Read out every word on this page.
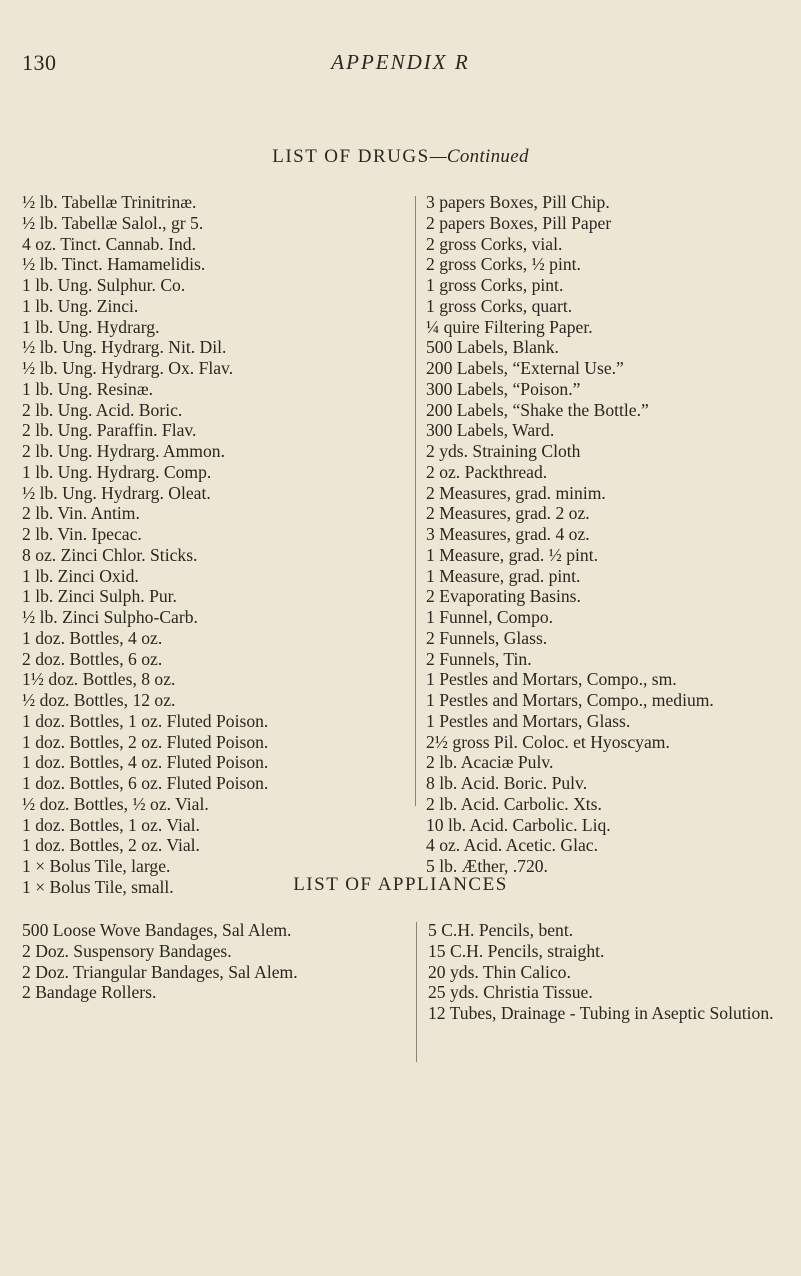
130	APPENDIX R
LIST OF DRUGS—Continued
½ lb. Tabellæ Trinitrinæ.
½ lb. Tabellæ Salol., gr 5.
4 oz. Tinct. Cannab. Ind.
½ lb. Tinct. Hamamelidis.
1 lb. Ung. Sulphur. Co.
1 lb. Ung. Zinci.
1 lb. Ung. Hydrarg.
½ lb. Ung. Hydrarg. Nit. Dil.
½ lb. Ung. Hydrarg. Ox. Flav.
1 lb. Ung. Resinæ.
2 lb. Ung. Acid. Boric.
2 lb. Ung. Paraffin. Flav.
2 lb. Ung. Hydrarg. Ammon.
1 lb. Ung. Hydrarg. Comp.
½ lb. Ung. Hydrarg. Oleat.
2 lb. Vin. Antim.
2 lb. Vin. Ipecac.
8 oz. Zinci Chlor. Sticks.
1 lb. Zinci Oxid.
1 lb. Zinci Sulph. Pur.
½ lb. Zinci Sulpho-Carb.
1 doz. Bottles, 4 oz.
2 doz. Bottles, 6 oz.
1½ doz. Bottles, 8 oz.
½ doz. Bottles, 12 oz.
1 doz. Bottles, 1 oz. Fluted Poison.
1 doz. Bottles, 2 oz. Fluted Poison.
1 doz. Bottles, 4 oz. Fluted Poison.
1 doz. Bottles, 6 oz. Fluted Poison.
½ doz. Bottles, ½ oz. Vial.
1 doz. Bottles, 1 oz. Vial.
1 doz. Bottles, 2 oz. Vial.
1 × Bolus Tile, large.
1 × Bolus Tile, small.
3 papers Boxes, Pill Chip.
2 papers Boxes, Pill Paper
2 gross Corks, vial.
2 gross Corks, ½ pint.
1 gross Corks, pint.
1 gross Corks, quart.
¼ quire Filtering Paper.
500 Labels, Blank.
200 Labels, “External Use.”
300 Labels, “Poison.”
200 Labels, “Shake the Bottle.”
300 Labels, Ward.
2 yds. Straining Cloth
2 oz. Packthread.
2 Measures, grad. minim.
2 Measures, grad. 2 oz.
3 Measures, grad. 4 oz.
1 Measure, grad. ½ pint.
1 Measure, grad. pint.
2 Evaporating Basins.
1 Funnel, Compo.
2 Funnels, Glass.
2 Funnels, Tin.
1 Pestles and Mortars, Compo., sm.
1 Pestles and Mortars, Compo., medium.
1 Pestles and Mortars, Glass.
2½ gross Pil. Coloc. et Hyoscyam.
2 lb. Acaciæ Pulv.
8 lb. Acid. Boric. Pulv.
2 lb. Acid. Carbolic. Xts.
10 lb. Acid. Carbolic. Liq.
4 oz. Acid. Acetic. Glac.
5 lb. Æther, .720.
LIST OF APPLIANCES
500 Loose Wove Bandages, Sal Alem.
2 Doz. Suspensory Bandages.
2 Doz. Triangular Bandages, Sal Alem.
2 Bandage Rollers.
5 C.H. Pencils, bent.
15 C.H. Pencils, straight.
20 yds. Thin Calico.
25 yds. Christia Tissue.
12 Tubes, Drainage - Tubing in Aseptic Solution.
